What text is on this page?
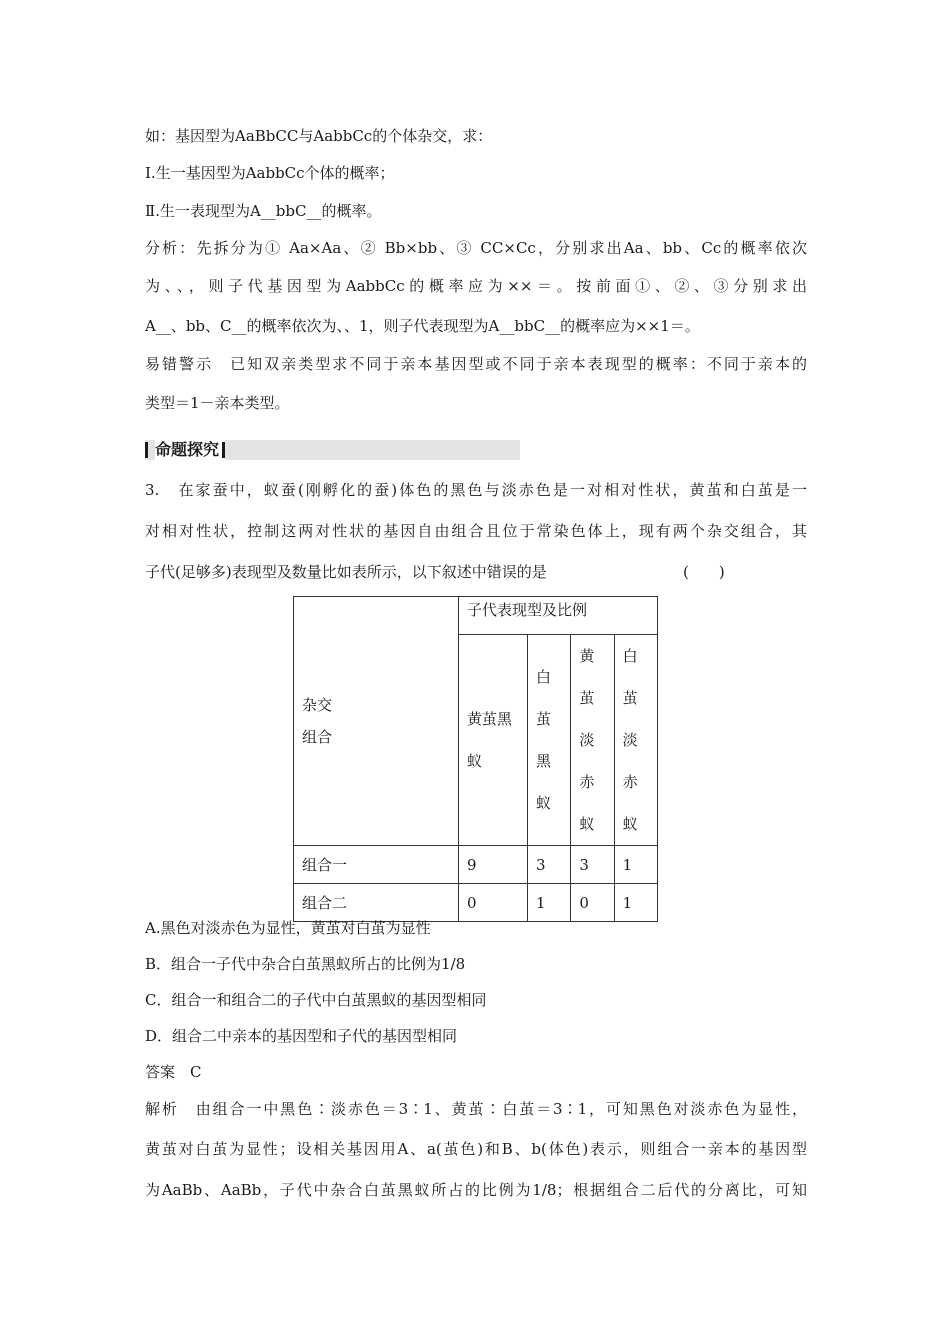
如：基因型为AaBbCC与AabbCc的个体杂交，求：
Ⅰ.生一基因型为AabbCc个体的概率；
Ⅱ.生一表现型为A__bbC__的概率。
分析：先拆分为① Aa×Aa、② Bb×bb、③ CC×Cc，分别求出Aa、bb、Cc的概率依次
为、、，则子代基因型为AabbCc的概率应为××＝。按前面①、②、③分别求出
A__、bb、C__的概率依次为、、1，则子代表现型为A__bbC__的概率应为××1＝。
易错警示　已知双亲类型求不同于亲本基因型或不同于亲本表现型的概率：不同于亲本的
类型＝1－亲本类型。
命题探究
3.　在家蚕中，蚁蚕(刚孵化的蚕)体色的黑色与淡赤色是一对相对性状，黄茧和白茧是一
对相对性状，控制这两对性状的基因自由组合且位于常染色体上，现有两个杂交组合，其
子代(足够多)表现型及数量比如表所示，以下叙述中错误的是	(　　)
杂交
组合	子代表现型及比例			
	黄茧黑蚁	白茧黑蚁	黄茧淡赤蚁	白茧淡赤蚁

组合一	9	3	3	1
组合二	0	1	0	1
A.黑色对淡赤色为显性，黄茧对白茧为显性
B．组合一子代中杂合白茧黑蚁所占的比例为1/8
C．组合一和组合二的子代中白茧黑蚁的基因型相同
D．组合二中亲本的基因型和子代的基因型相同
答案　C
解析　由组合一中黑色∶淡赤色＝3∶1、黄茧∶白茧＝3∶1，可知黑色对淡赤色为显性，
黄茧对白茧为显性；设相关基因用A、a(茧色)和B、b(体色)表示，则组合一亲本的基因型
为AaBb、AaBb，子代中杂合白茧黑蚁所占的比例为1/8；根据组合二后代的分离比，可知
